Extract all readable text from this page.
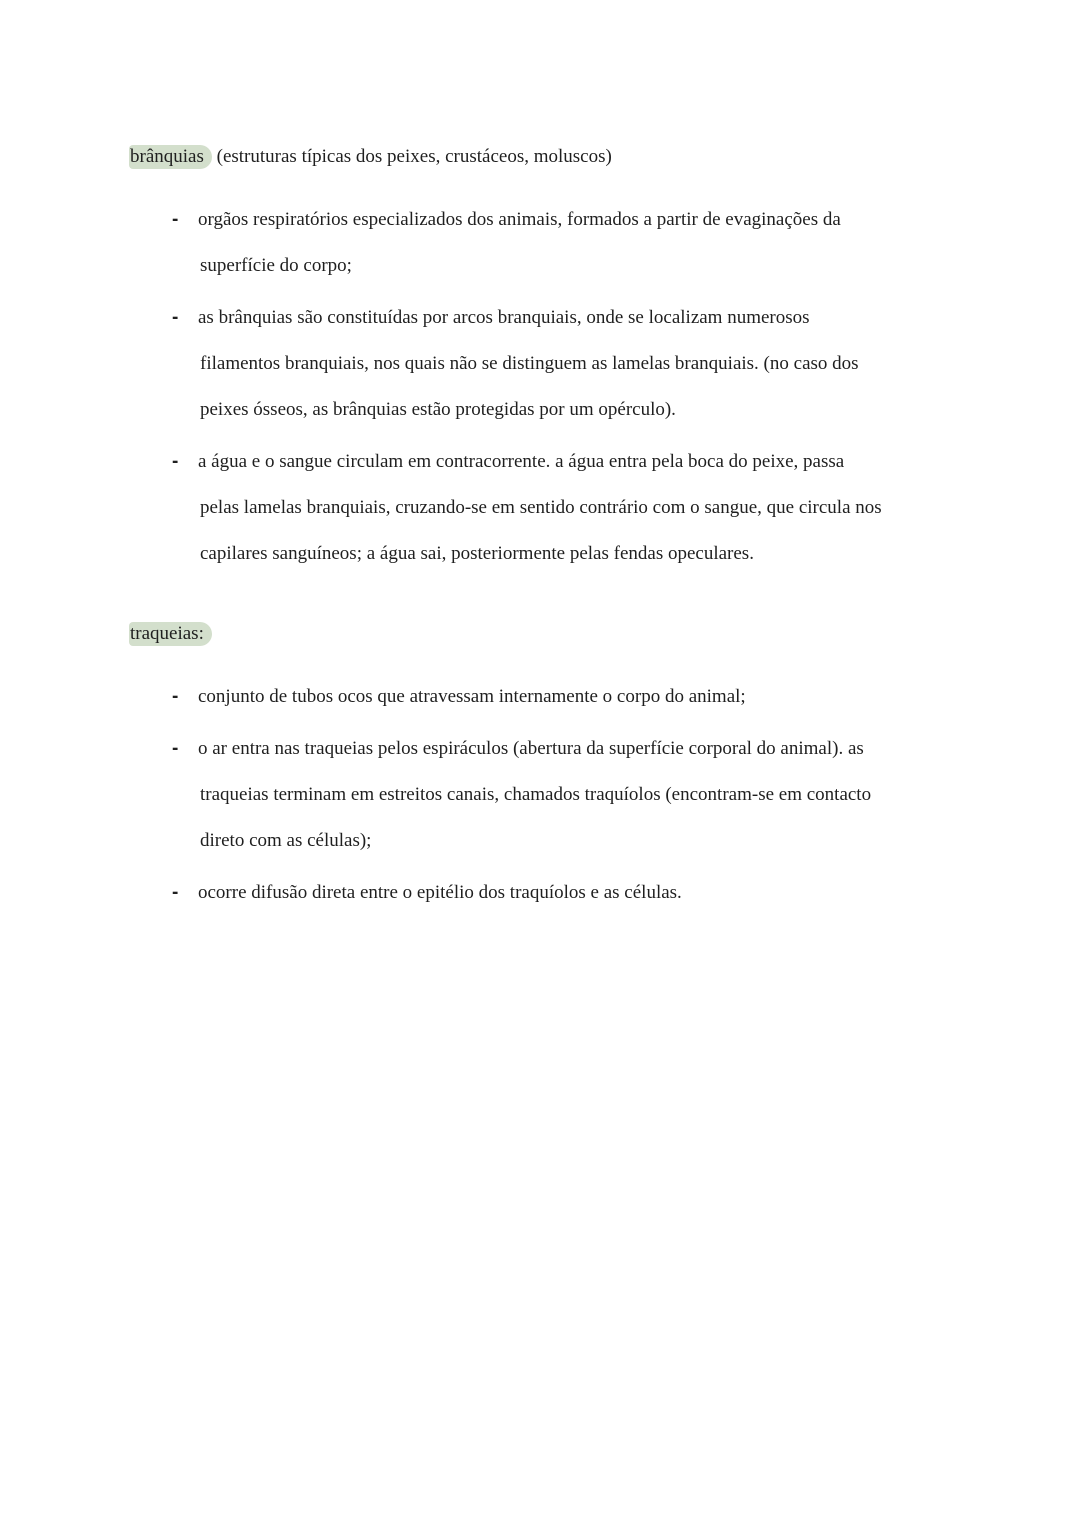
brânquias (estruturas típicas dos peixes, crustáceos, moluscos)
- orgãos respiratórios especializados dos animais, formados a partir de evaginações da
superfície do corpo;
- as brânquias são constituídas por arcos branquiais, onde se localizam numerosos
filamentos branquiais, nos quais não se distinguem as lamelas branquiais. (no caso dos
peixes ósseos, as brânquias estão protegidas por um opérculo).
- a água e o sangue circulam em contracorrente. a água entra pela boca do peixe, passa
pelas lamelas branquiais, cruzando-se em sentido contrário com o sangue, que circula nos
capilares sanguíneos; a água sai, posteriormente pelas fendas opeculares.
traqueias:
- conjunto de tubos ocos que atravessam internamente o corpo do animal;
- o ar entra nas traqueias pelos espiráculos (abertura da superfície corporal do animal). as
traqueias terminam em estreitos canais, chamados traquíolos (encontram-se em contacto
direto com as células);
- ocorre difusão direta entre o epitélio dos traquíolos e as células.
